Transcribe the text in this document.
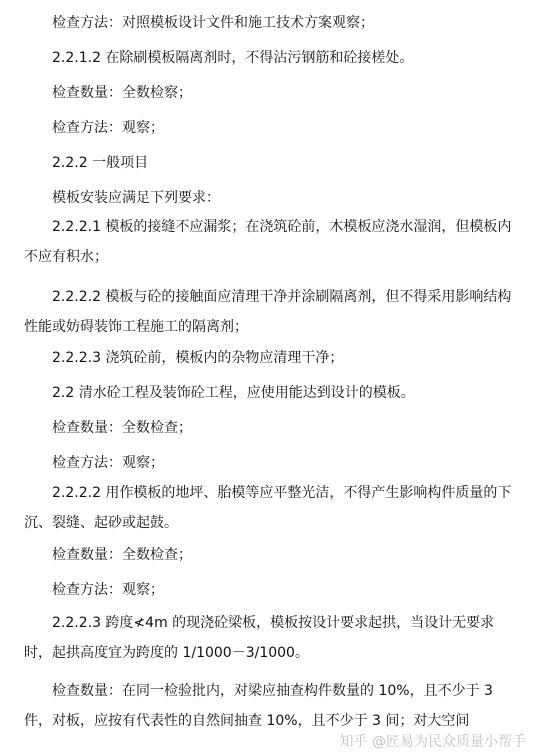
检查方法：对照模板设计文件和施工技术方案观察；

2.2.1.2 在除刷模板隔离剂时，不得沾污钢筋和砼接槎处。

检查数量：全数检察；

检查方法：观察；

2.2.2 一般项目

模板安装应满足下列要求：

2.2.2.1 模板的接缝不应漏浆；在浇筑砼前，木模板应浇水湿润，但模板内不应有积水；

2.2.2.2 模板与砼的接触面应清理干净并涂刷隔离剂，但不得采用影响结构性能或妨碍装饰工程施工的隔离剂；

2.2.2.3 浇筑砼前，模板内的杂物应清理干净；

2.2 清水砼工程及装饰砼工程，应使用能达到设计的模板。

检查数量：全数检查；

检查方法：观察；

2.2.2.2 用作模板的地坪、胎模等应平整光洁，不得产生影响构件质量的下沉、裂缝、起砂或起鼓。

检查数量：全数检查；

检查方法：观察；

2.2.2.3 跨度≮4m 的现浇砼梁板，模板按设计要求起拱，当设计无要求时，起拱高度宜为跨度的 1/1000－3/1000。

检查数量：在同一检验批内，对梁应抽查构件数量的 10%，且不少于 3 件，对板，应按有代表性的自然间抽查 10%，且不少于 3 间；对大空间

知乎 @匠易为民众质量小帮手
